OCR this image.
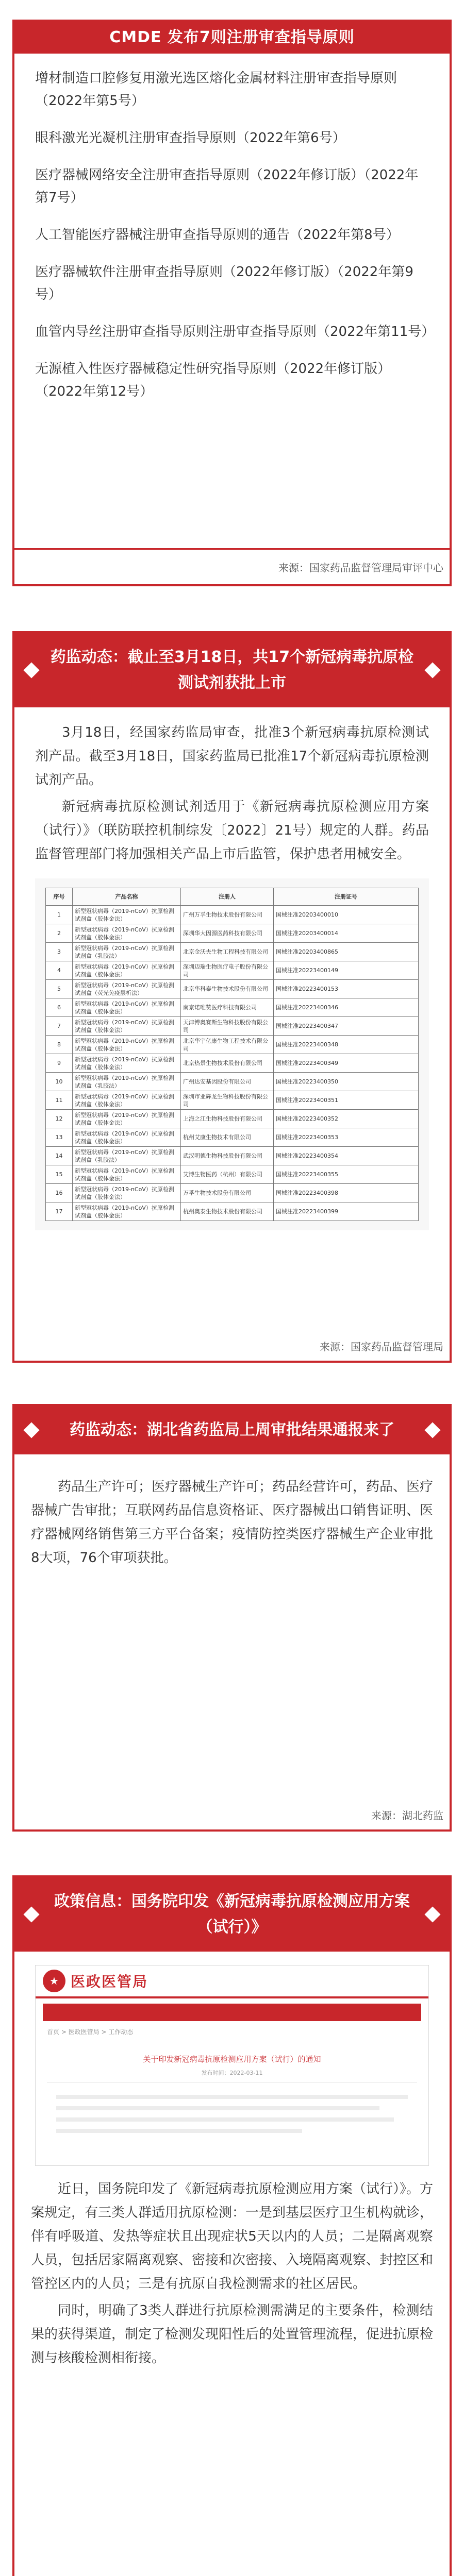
CMDE 发布7则注册审查指导原则

增材制造口腔修复用激光选区熔化金属材料注册审查指导原则（2022年第5号）

眼科激光光凝机注册审查指导原则（2022年第6号）

医疗器械网络安全注册审查指导原则（2022年修订版）（2022年第7号）

人工智能医疗器械注册审查指导原则的通告（2022年第8号）

医疗器械软件注册审查指导原则（2022年修订版）（2022年第9号）

血管内导丝注册审查指导原则注册审查指导原则（2022年第11号）

无源植入性医疗器械稳定性研究指导原则（2022年修订版）（2022年第12号）

来源：国家药品监督管理局审评中心
药监动态：截止至3月18日，共17个新冠病毒抗原检测试剂获批上市

3月18日，经国家药监局审查，批准3个新冠病毒抗原检测试剂产品。截至3月18日，国家药监局已批准17个新冠病毒抗原检测试剂产品。

新冠病毒抗原检测试剂适用于《新冠病毒抗原检测应用方案（试行）》（联防联控机制综发〔2022〕21号）规定的人群。药品监督管理部门将加强相关产品上市后监管，保护患者用械安全。

序号	产品名称	注册人	注册证号
1	新型冠状病毒（2019-nCoV）抗原检测试剂盒（胶体金法）	广州万孚生物技术股份有限公司	国械注准20203400010
2	新型冠状病毒（2019-nCoV）抗原检测试剂盒（胶体金法）	深圳华大因源医药科技有限公司	国械注准20203400014
3	新型冠状病毒（2019-nCoV）抗原检测试剂盒（乳胶法）	北京金沃夫生物工程科技有限公司	国械注准20203400865
4	新型冠状病毒（2019-nCoV）抗原检测试剂盒（胶体金法）	深圳迈瑞生物医疗电子股份有限公司	国械注准20223400149
5	新型冠状病毒（2019-nCoV）抗原检测试剂盒（荧光免疫层析法）	北京华科泰生物技术股份有限公司	国械注准20223400153
6	新型冠状病毒（2019-nCoV）抗原检测试剂盒（胶体金法）	南京诺唯赞医疗科技有限公司	国械注准20223400346
7	新型冠状病毒（2019-nCoV）抗原检测试剂盒（胶体金法）	天津博奥赛斯生物科技股份有限公司	国械注准20223400347
8	新型冠状病毒（2019-nCoV）抗原检测试剂盒（胶体金法）	北京华宇亿康生物工程技术有限公司	国械注准20223400348
9	新型冠状病毒（2019-nCoV）抗原检测试剂盒（胶体金法）	北京热景生物技术股份有限公司	国械注准20223400349
10	新型冠状病毒（2019-nCoV）抗原检测试剂盒（乳胶法）	广州达安基因股份有限公司	国械注准20223400350
11	新型冠状病毒（2019-nCoV）抗原检测试剂盒（胶体金法）	深圳市亚辉龙生物科技股份有限公司	国械注准20223400351
12	新型冠状病毒（2019-nCoV）抗原检测试剂盒（胶体金法）	上海之江生物科技股份有限公司	国械注准20223400352
13	新型冠状病毒（2019-nCoV）抗原检测试剂盒（胶体金法）	杭州艾康生物技术有限公司	国械注准20223400353
14	新型冠状病毒（2019-nCoV）抗原检测试剂盒（乳胶法）	武汉明德生物科技股份有限公司	国械注准20223400354
15	新型冠状病毒（2019-nCoV）抗原检测试剂盒（胶体金法）	艾博生物医药（杭州）有限公司	国械注准20223400355
16	新型冠状病毒（2019-nCoV）抗原检测试剂盒（胶体金法）	万孚生物技术股份有限公司	国械注准20223400398
17	新型冠状病毒（2019-nCoV）抗原检测试剂盒（胶体金法）	杭州奥泰生物技术股份有限公司	国械注准20223400399
来源：国家药品监督管理局
药监动态：湖北省药监局上周审批结果通报来了

药品生产许可；医疗器械生产许可；药品经营许可，药品、医疗器械广告审批；互联网药品信息资格证、医疗器械出口销售证明、医疗器械网络销售第三方平台备案；疫情防控类医疗器械生产企业审批8大项，76个审项获批。

来源：湖北药监
政策信息：国务院印发《新冠病毒抗原检测应用方案（试行）》
★ 医政医管局
首页 > 医政医管局 > 工作动态
关于印发新冠病毒抗原检测应用方案（试行）的通知
发布时间：2022-03-11

近日，国务院印发了《新冠病毒抗原检测应用方案（试行）》。方案规定，有三类人群适用抗原检测：一是到基层医疗卫生机构就诊，伴有呼吸道、发热等症状且出现症状5天以内的人员；二是隔离观察人员，包括居家隔离观察、密接和次密接、入境隔离观察、封控区和管控区内的人员；三是有抗原自我检测需求的社区居民。

同时，明确了3类人群进行抗原检测需满足的主要条件，检测结果的获得渠道，制定了检测发现阳性后的处置管理流程，促进抗原检测与核酸检测相衔接。
